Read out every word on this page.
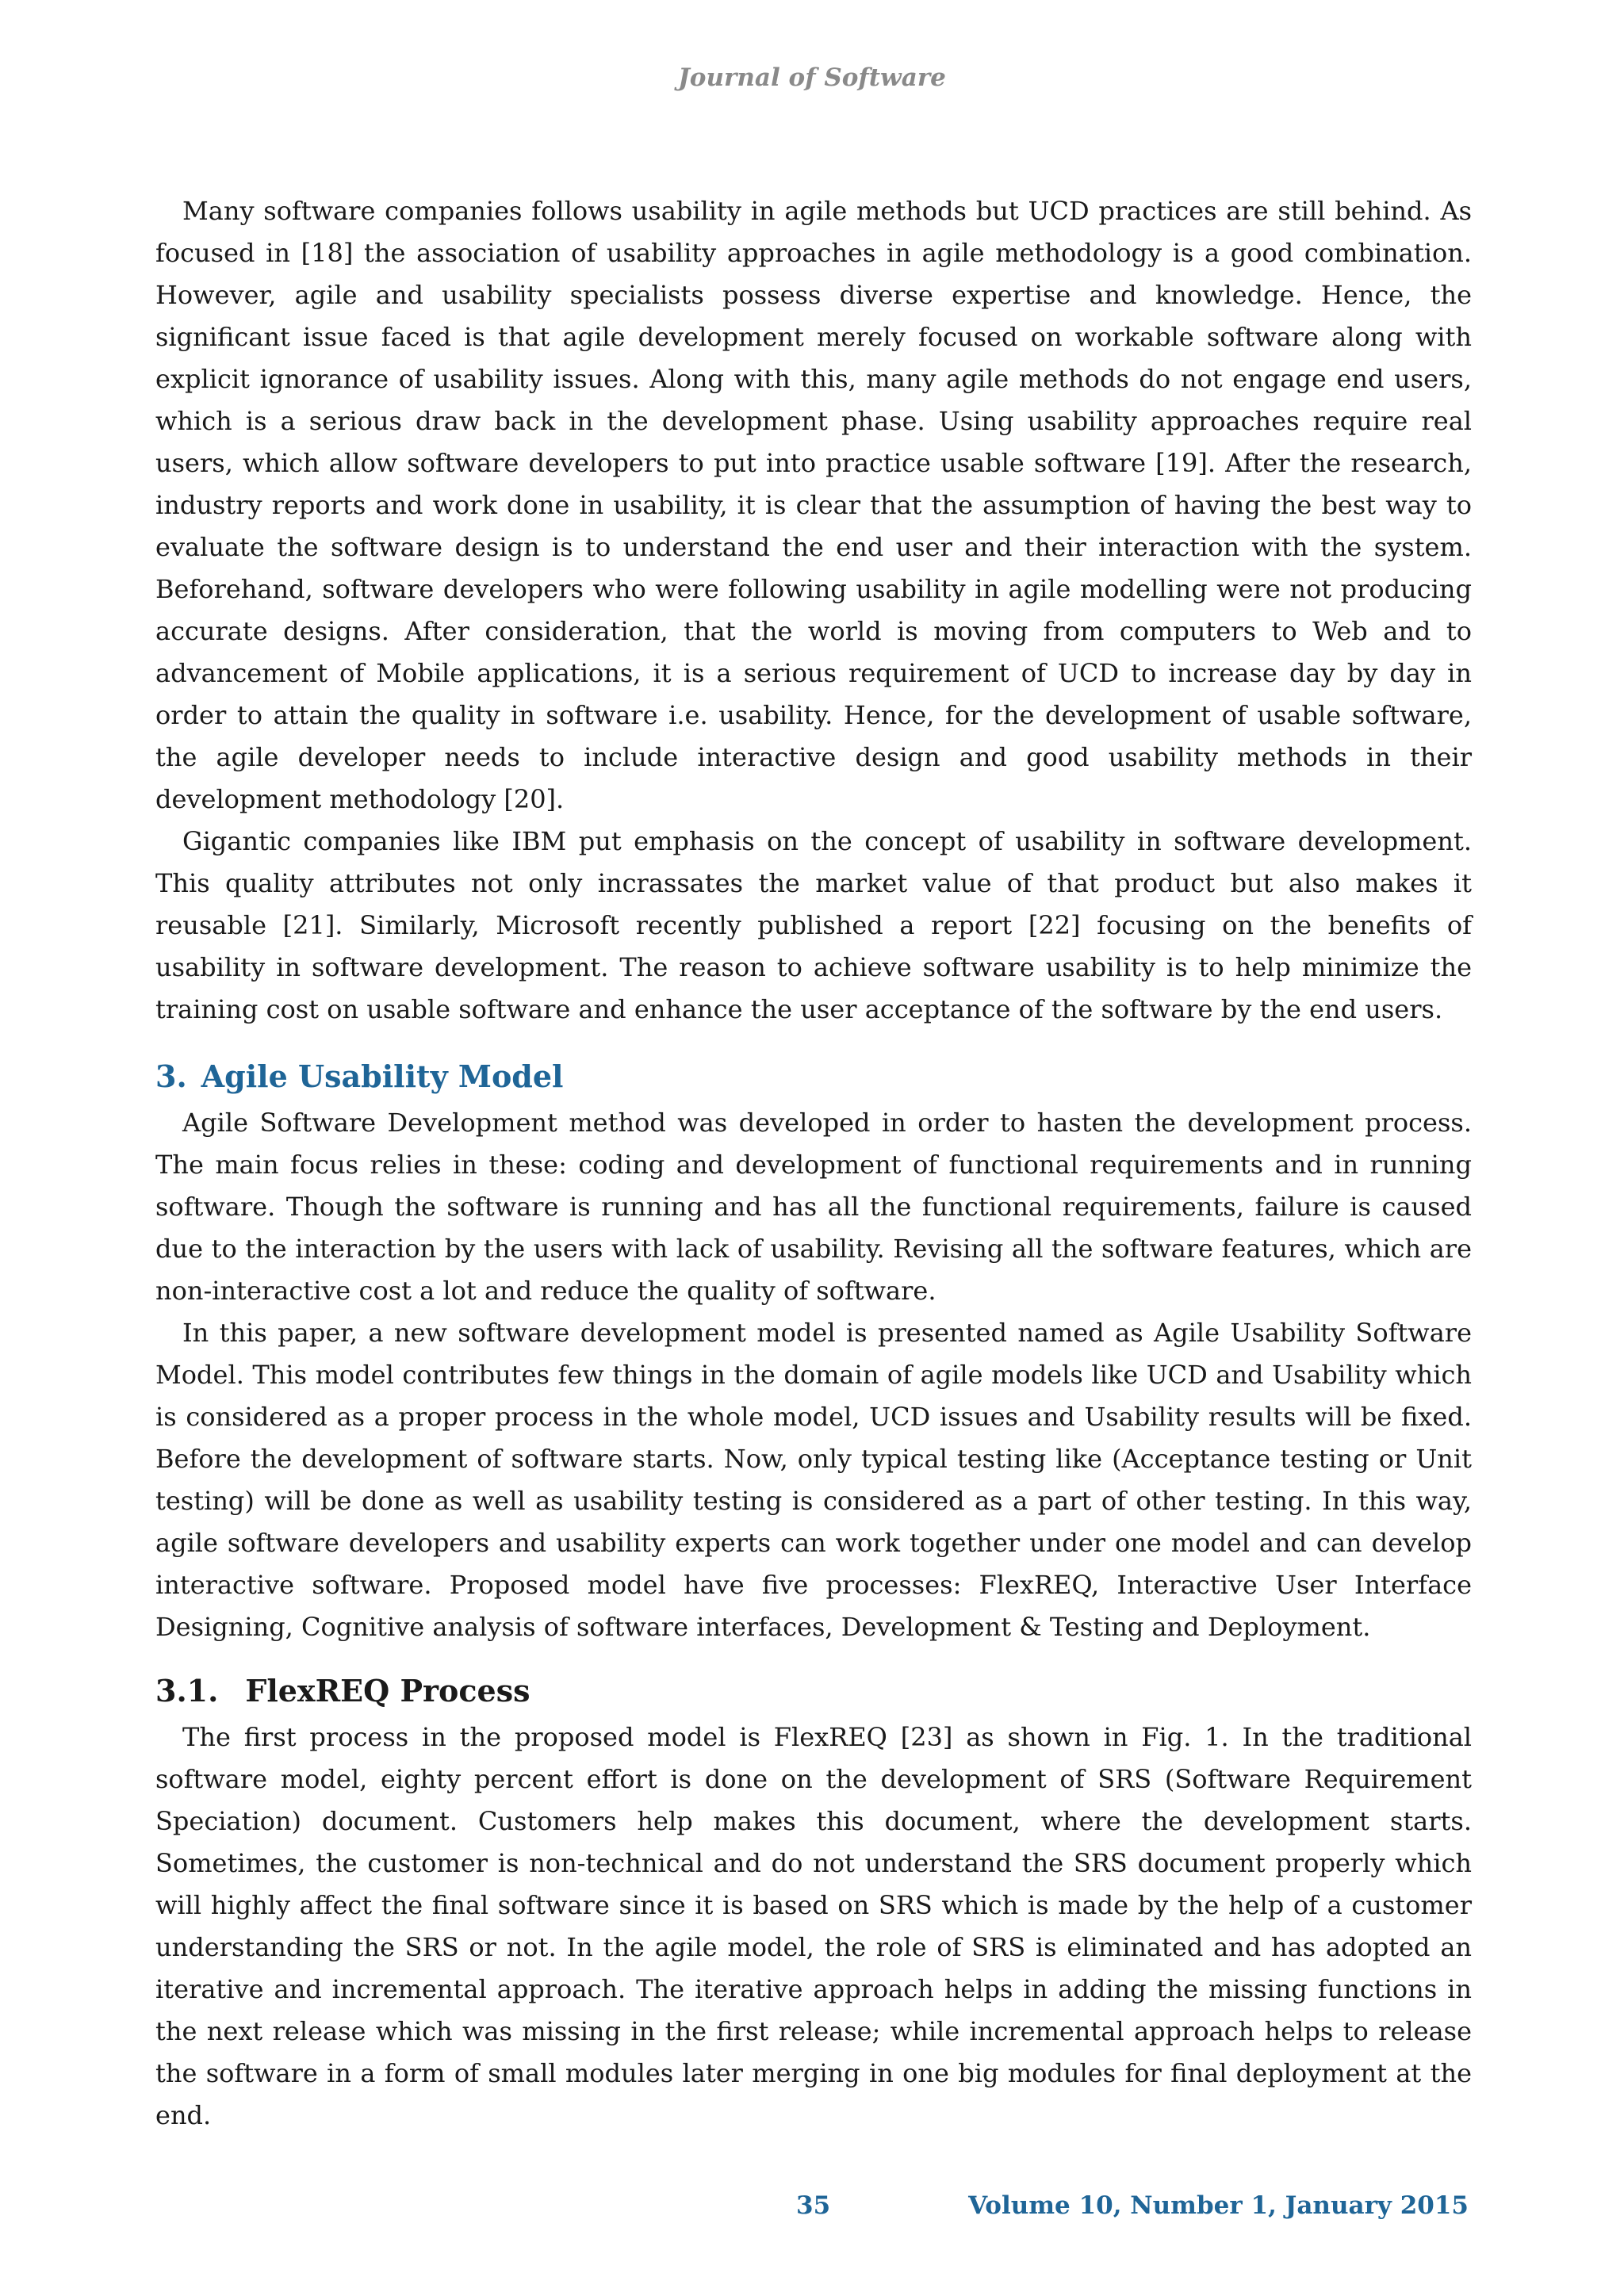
Journal of Software

Many software companies follows usability in agile methods but UCD practices are still behind. As focused in [18] the association of usability approaches in agile methodology is a good combination. However, agile and usability specialists possess diverse expertise and knowledge. Hence, the significant issue faced is that agile development merely focused on workable software along with explicit ignorance of usability issues. Along with this, many agile methods do not engage end users, which is a serious draw back in the development phase. Using usability approaches require real users, which allow software developers to put into practice usable software [19]. After the research, industry reports and work done in usability, it is clear that the assumption of having the best way to evaluate the software design is to understand the end user and their interaction with the system. Beforehand, software developers who were following usability in agile modelling were not producing accurate designs. After consideration, that the world is moving from computers to Web and to advancement of Mobile applications, it is a serious requirement of UCD to increase day by day in order to attain the quality in software i.e. usability. Hence, for the development of usable software, the agile developer needs to include interactive design and good usability methods in their development methodology [20].

Gigantic companies like IBM put emphasis on the concept of usability in software development. This quality attributes not only incrassates the market value of that product but also makes it reusable [21]. Similarly, Microsoft recently published a report [22] focusing on the benefits of usability in software development. The reason to achieve software usability is to help minimize the training cost on usable software and enhance the user acceptance of the software by the end users.

3. Agile Usability Model

Agile Software Development method was developed in order to hasten the development process. The main focus relies in these: coding and development of functional requirements and in running software. Though the software is running and has all the functional requirements, failure is caused due to the interaction by the users with lack of usability. Revising all the software features, which are non-interactive cost a lot and reduce the quality of software.

In this paper, a new software development model is presented named as Agile Usability Software Model. This model contributes few things in the domain of agile models like UCD and Usability which is considered as a proper process in the whole model, UCD issues and Usability results will be fixed. Before the development of software starts. Now, only typical testing like (Acceptance testing or Unit testing) will be done as well as usability testing is considered as a part of other testing. In this way, agile software developers and usability experts can work together under one model and can develop interactive software. Proposed model have five processes: FlexREQ, Interactive User Interface Designing, Cognitive analysis of software interfaces, Development & Testing and Deployment.

3.1. FlexREQ Process

The first process in the proposed model is FlexREQ [23] as shown in Fig. 1. In the traditional software model, eighty percent effort is done on the development of SRS (Software Requirement Speciation) document. Customers help makes this document, where the development starts. Sometimes, the customer is non-technical and do not understand the SRS document properly which will highly affect the final software since it is based on SRS which is made by the help of a customer understanding the SRS or not. In the agile model, the role of SRS is eliminated and has adopted an iterative and incremental approach. The iterative approach helps in adding the missing functions in the next release which was missing in the first release; while incremental approach helps to release the software in a form of small modules later merging in one big modules for final deployment at the end.

35	Volume 10, Number 1, January 2015
